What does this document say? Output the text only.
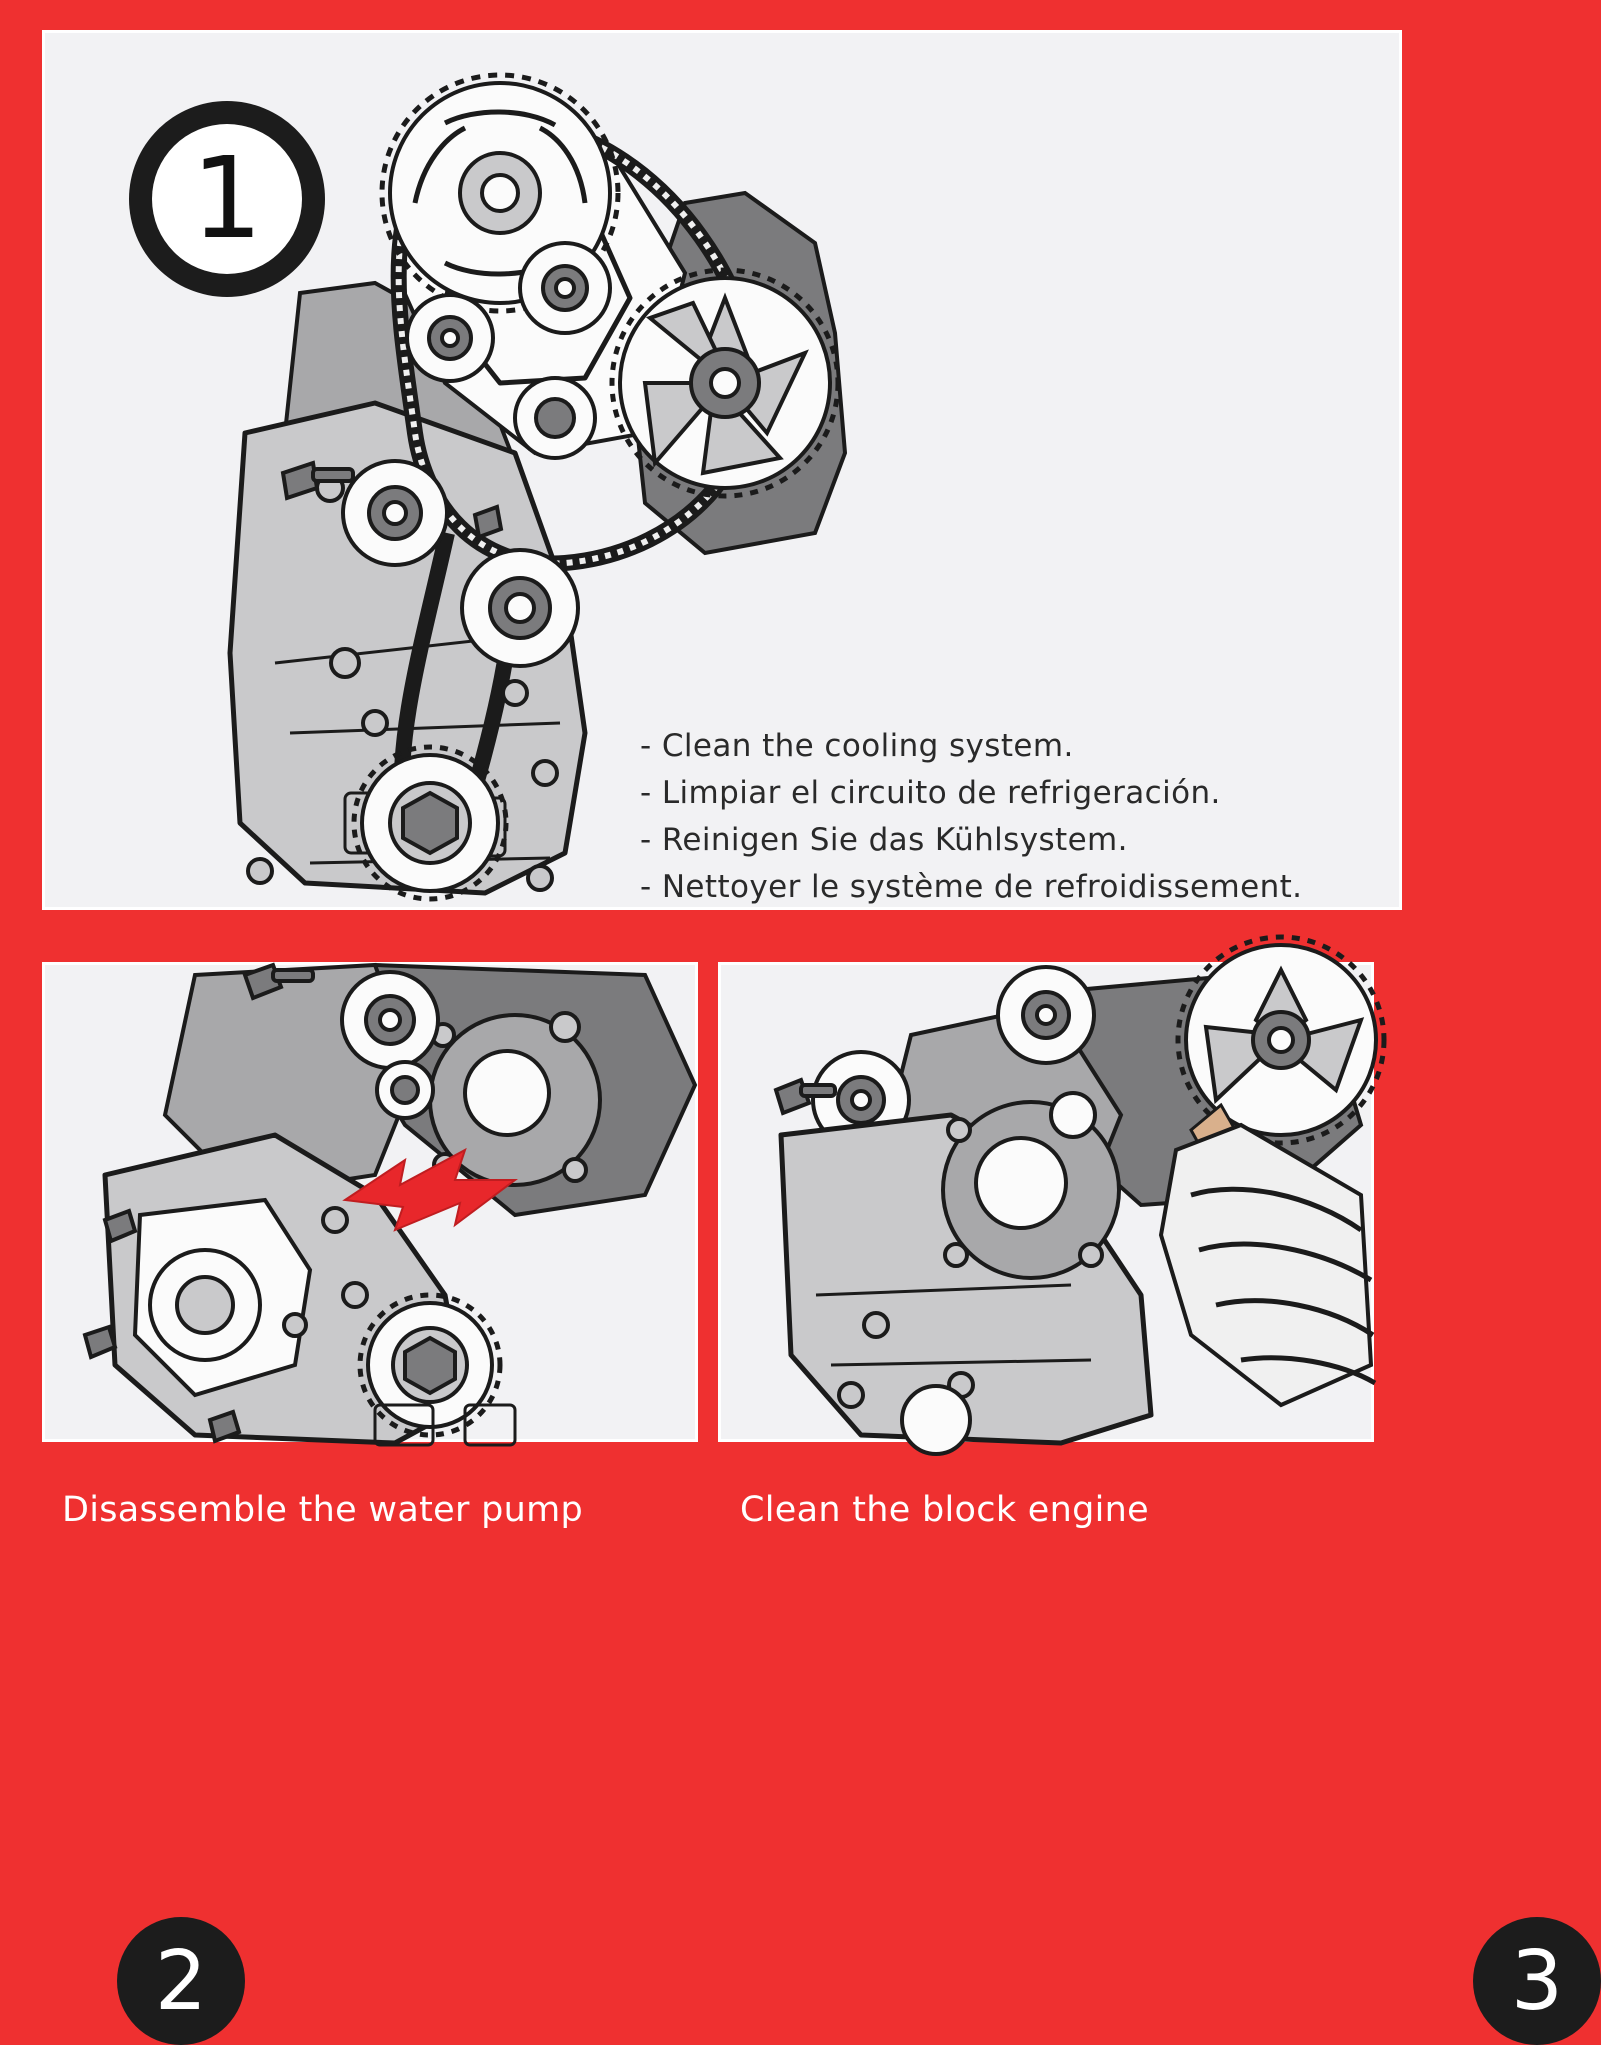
1
- Clean the cooling system.
- Limpiar el circuito de refrigeración.
- Reinigen Sie das Kühlsystem.
- Nettoyer le système de refroidissement.
2	3
Disassemble the water pump	Clean the block engine
